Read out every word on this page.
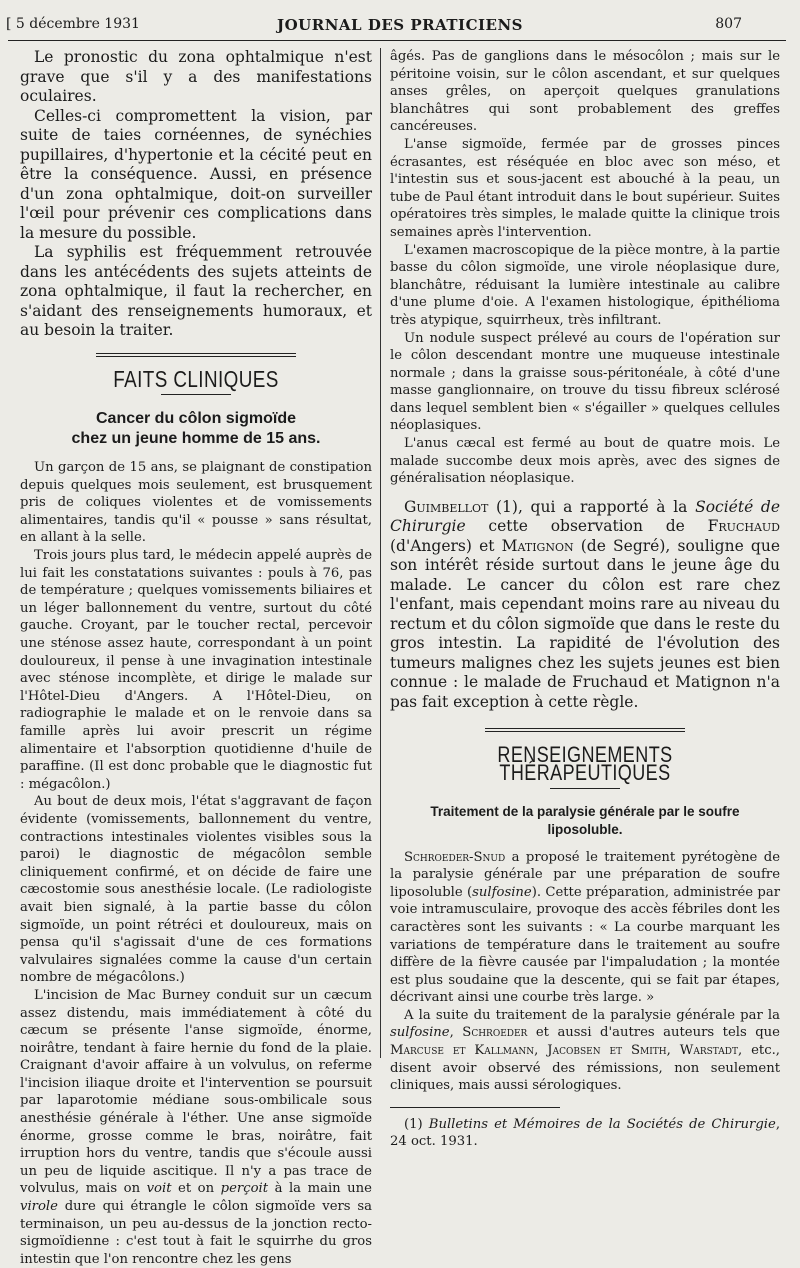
[ 5 décembre 1931	JOURNAL DES PRATICIENS	807

Le pronostic du zona ophtalmique n'est grave que s'il y a des manifestations oculaires.

Celles-ci compromettent la vision, par suite de taies cornéennes, de synéchies pupillaires, d'hypertonie et la cécité peut en être la conséquence. Aussi, en présence d'un zona ophtalmique, doit-on surveiller l'œil pour prévenir ces complications dans la mesure du possible.

La syphilis est fréquemment retrouvée dans les antécédents des sujets atteints de zona ophtalmique, il faut la rechercher, en s'aidant des renseignements humoraux, et au besoin la traiter.

FAITS CLINIQUES
Cancer du côlon sigmoïde
chez un jeune homme de 15 ans.

Un garçon de 15 ans, se plaignant de constipation depuis quelques mois seulement, est brusquement pris de coliques violentes et de vomissements alimentaires, tandis qu'il « pousse » sans résultat, en allant à la selle.

Trois jours plus tard, le médecin appelé auprès de lui fait les constatations suivantes : pouls à 76, pas de température ; quelques vomissements biliaires et un léger ballonnement du ventre, surtout du côté gauche. Croyant, par le toucher rectal, percevoir une sténose assez haute, correspondant à un point douloureux, il pense à une invagination intestinale avec sténose incomplète, et dirige le malade sur l'Hôtel-Dieu d'Angers. A l'Hôtel-Dieu, on radiographie le malade et on le renvoie dans sa famille après lui avoir prescrit un régime alimentaire et l'absorption quotidienne d'huile de paraffine. (Il est donc probable que le diagnostic fut : mégacôlon.)

Au bout de deux mois, l'état s'aggravant de façon évidente (vomissements, ballonnement du ventre, contractions intestinales violentes visibles sous la paroi) le diagnostic de mégacôlon semble cliniquement confirmé, et on décide de faire une cæcostomie sous anesthésie locale. (Le radiologiste avait bien signalé, à la partie basse du côlon sigmoïde, un point rétréci et douloureux, mais on pensa qu'il s'agissait d'une de ces formations valvulaires signalées comme la cause d'un certain nombre de mégacôlons.)

L'incision de Mac Burney conduit sur un cæcum assez distendu, mais immédiatement à côté du cæcum se présente l'anse sigmoïde, énorme, noirâtre, tendant à faire hernie du fond de la plaie. Craignant d'avoir affaire à un volvulus, on referme l'incision iliaque droite et l'intervention se poursuit par laparotomie médiane sous-ombilicale sous anesthésie générale à l'éther. Une anse sigmoïde énorme, grosse comme le bras, noirâtre, fait irruption hors du ventre, tandis que s'écoule aussi un peu de liquide ascitique. Il n'y a pas trace de volvulus, mais on voit et on perçoit à la main une virole dure qui étrangle le côlon sigmoïde vers sa terminaison, un peu au-dessus de la jonction recto-sigmoïdienne : c'est tout à fait le squirrhe du gros intestin que l'on rencontre chez les gens

âgés. Pas de ganglions dans le mésocôlon ; mais sur le péritoine voisin, sur le côlon ascendant, et sur quelques anses grêles, on aperçoit quelques granulations blanchâtres qui sont probablement des greffes cancéreuses.

L'anse sigmoïde, fermée par de grosses pinces écrasantes, est réséquée en bloc avec son méso, et l'intestin sus et sous-jacent est abouché à la peau, un tube de Paul étant introduit dans le bout supérieur. Suites opératoires très simples, le malade quitte la clinique trois semaines après l'intervention.

L'examen macroscopique de la pièce montre, à la partie basse du côlon sigmoïde, une virole néoplasique dure, blanchâtre, réduisant la lumière intestinale au calibre d'une plume d'oie. A l'examen histologique, épithélioma très atypique, squirrheux, très infiltrant.

Un nodule suspect prélevé au cours de l'opération sur le côlon descendant montre une muqueuse intestinale normale ; dans la graisse sous-péritonéale, à côté d'une masse ganglionnaire, on trouve du tissu fibreux sclérosé dans lequel semblent bien « s'égailler » quelques cellules néoplasiques.

L'anus cæcal est fermé au bout de quatre mois. Le malade succombe deux mois après, avec des signes de généralisation néoplasique.

Guimbellot (1), qui a rapporté à la Société de Chirurgie cette observation de Fruchaud (d'Angers) et Matignon (de Segré), souligne que son intérêt réside surtout dans le jeune âge du malade. Le cancer du côlon est rare chez l'enfant, mais cependant moins rare au niveau du rectum et du côlon sigmoïde que dans le reste du gros intestin. La rapidité de l'évolution des tumeurs malignes chez les sujets jeunes est bien connue : le malade de Fruchaud et Matignon n'a pas fait exception à cette règle.

RENSEIGNEMENTS THÉRAPEUTIQUES
Traitement de la paralysie générale par le soufre
liposoluble.

Schroeder-Snud a proposé le traitement pyrétogène de la paralysie générale par une préparation de soufre liposoluble (sulfosine). Cette préparation, administrée par voie intramusculaire, provoque des accès fébriles dont les caractères sont les suivants : « La courbe marquant les variations de température dans le traitement au soufre diffère de la fièvre causée par l'impaludation ; la montée est plus soudaine que la descente, qui se fait par étapes, décrivant ainsi une courbe très large. »

A la suite du traitement de la paralysie générale par la sulfosine, Schroeder et aussi d'autres auteurs tels que Marcuse et Kallmann, Jacobsen et Smith, Warstadt, etc., disent avoir observé des rémissions, non seulement cliniques, mais aussi sérologiques.

(1) Bulletins et Mémoires de la Sociétés de Chirurgie, 24 oct. 1931.
